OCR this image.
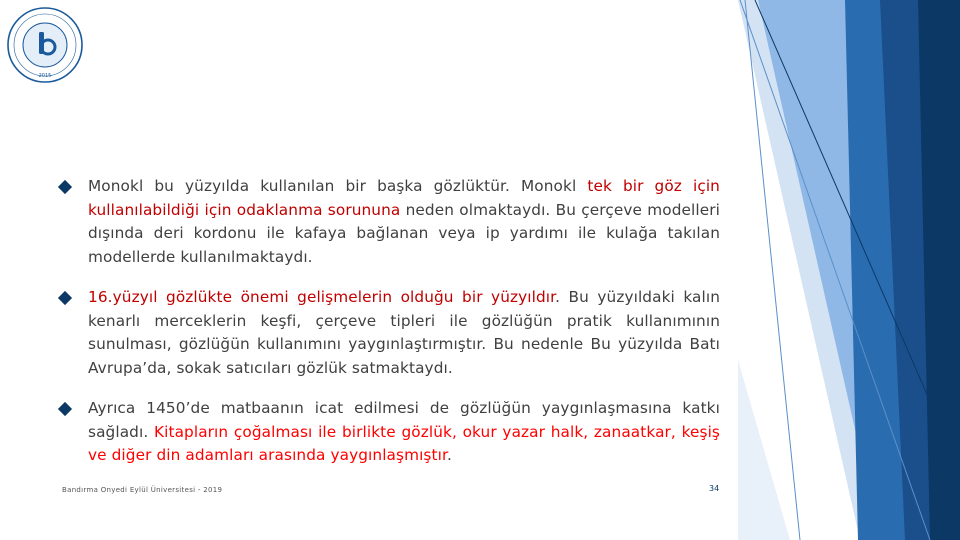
2015
Monokl bu yüzyılda kullanılan bir başka gözlüktür. Monokl tek bir göz için kullanılabildiği için odaklanma sorununa neden olmaktaydı. Bu çerçeve modelleri dışında deri kordonu ile kafaya bağlanan veya ip yardımı ile kulağa takılan modellerde kullanılmaktaydı.
16.yüzyıl gözlükte önemi gelişmelerin olduğu bir yüzyıldır. Bu yüzyıldaki kalın kenarlı merceklerin keşfi, çerçeve tipleri ile gözlüğün pratik kullanımının sunulması, gözlüğün kullanımını yaygınlaştırmıştır. Bu nedenle Bu yüzyılda Batı Avrupa’da, sokak satıcıları gözlük satmaktaydı.
Ayrıca 1450’de matbaanın icat edilmesi de gözlüğün yaygınlaşmasına katkı sağladı. Kitapların çoğalması ile birlikte gözlük, okur yazar halk, zanaatkar, keşiş ve diğer din adamları arasında yaygınlaşmıştır.
Bandırma Onyedi Eylül Üniversitesi - 2019	34
